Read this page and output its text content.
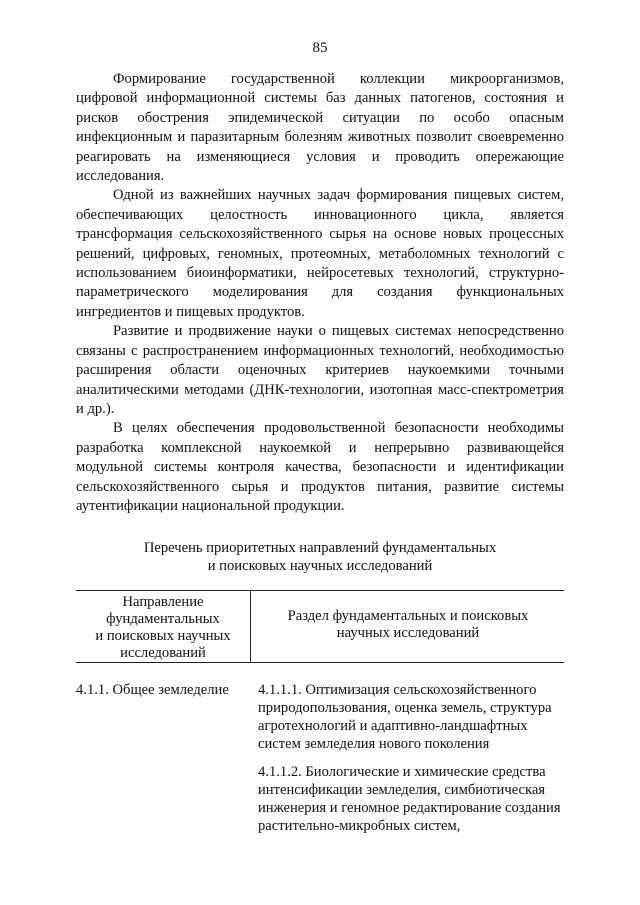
85

Формирование государственной коллекции микроорганизмов, цифровой информационной системы баз данных патогенов, состояния и рисков обострения эпидемической ситуации по особо опасным инфекционным и паразитарным болезням животных позволит своевременно реагировать на изменяющиеся условия и проводить опережающие исследования.

Одной из важнейших научных задач формирования пищевых систем, обеспечивающих целостность инновационного цикла, является трансформация сельскохозяйственного сырья на основе новых процессных решений, цифровых, геномных, протеомных, метаболомных технологий с использованием биоинформатики, нейросетевых технологий, структурно-параметрического моделирования для создания функциональных ингредиентов и пищевых продуктов.

Развитие и продвижение науки о пищевых системах непосредственно связаны с распространением информационных технологий, необходимостью расширения области оценочных критериев наукоемкими точными аналитическими методами (ДНК-технологии, изотопная масс-спектрометрия и др.).

В целях обеспечения продовольственной безопасности необходимы разработка комплексной наукоемкой и непрерывно развивающейся модульной системы контроля качества, безопасности и идентификации сельскохозяйственного сырья и продуктов питания, развитие системы аутентификации национальной продукции.

Перечень приоритетных направлений фундаментальных
и поисковых научных исследований
Направление
фундаментальных
и поисковых научных
исследований
Раздел фундаментальных и поисковых
научных исследований
4.1.1. Общее земледелие	4.1.1.1. Оптимизация сельскохозяйственного природопользования, оценка земель, структура агротехнологий и адаптивно-ландшафтных систем земледелия нового поколения

4.1.1.2. Биологические и химические средства интенсификации земледелия, симбиотическая инженерия и геномное редактирование создания растительно-микробных систем,
